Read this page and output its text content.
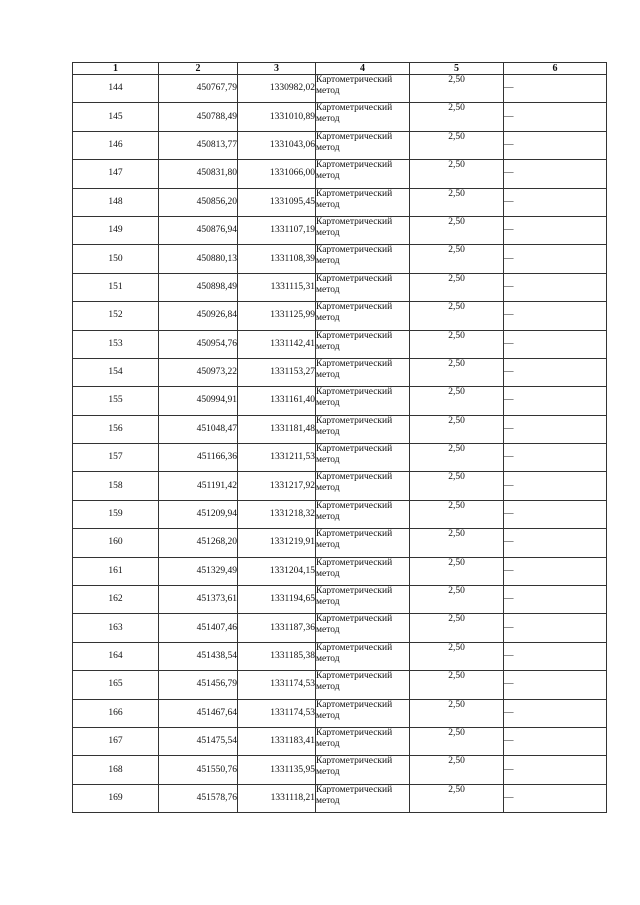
1	2	3	4	5	6
144	450767,79	1330982,02	Картометрический метод	2,50	—
145	450788,49	1331010,89	Картометрический метод	2,50	—
146	450813,77	1331043,06	Картометрический метод	2,50	—
147	450831,80	1331066,00	Картометрический метод	2,50	—
148	450856,20	1331095,45	Картометрический метод	2,50	—
149	450876,94	1331107,19	Картометрический метод	2,50	—
150	450880,13	1331108,39	Картометрический метод	2,50	—
151	450898,49	1331115,31	Картометрический метод	2,50	—
152	450926,84	1331125,99	Картометрический метод	2,50	—
153	450954,76	1331142,41	Картометрический метод	2,50	—
154	450973,22	1331153,27	Картометрический метод	2,50	—
155	450994,91	1331161,40	Картометрический метод	2,50	—
156	451048,47	1331181,48	Картометрический метод	2,50	—
157	451166,36	1331211,53	Картометрический метод	2,50	—
158	451191,42	1331217,92	Картометрический метод	2,50	—
159	451209,94	1331218,32	Картометрический метод	2,50	—
160	451268,20	1331219,91	Картометрический метод	2,50	—
161	451329,49	1331204,15	Картометрический метод	2,50	—
162	451373,61	1331194,65	Картометрический метод	2,50	—
163	451407,46	1331187,36	Картометрический метод	2,50	—
164	451438,54	1331185,38	Картометрический метод	2,50	—
165	451456,79	1331174,53	Картометрический метод	2,50	—
166	451467,64	1331174,53	Картометрический метод	2,50	—
167	451475,54	1331183,41	Картометрический метод	2,50	—
168	451550,76	1331135,95	Картометрический метод	2,50	—
169	451578,76	1331118,21	Картометрический метод	2,50	—
